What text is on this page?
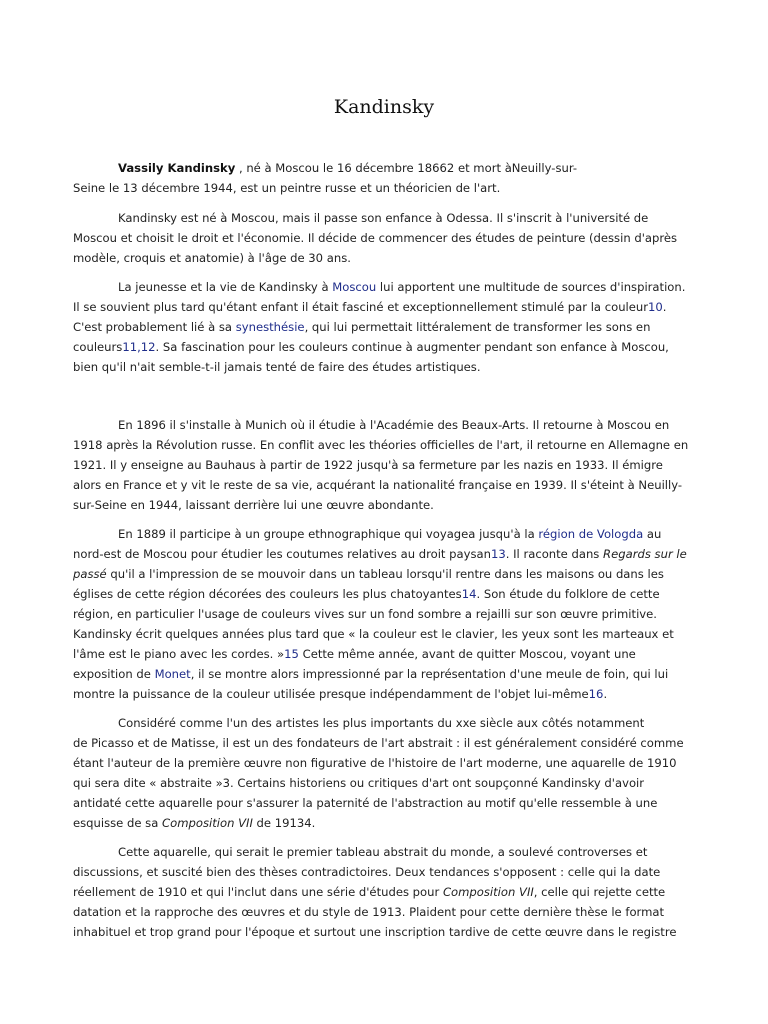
Kandinsky
Vassily Kandinsky , né à Moscou le 16 décembre 18662 et mort àNeuilly-sur-
Seine le 13 décembre 1944, est un peintre russe et un théoricien de l'art.
Kandinsky est né à Moscou, mais il passe son enfance à Odessa. Il s'inscrit à l'université de
Moscou et choisit le droit et l'économie. Il décide de commencer des études de peinture (dessin d'après
modèle, croquis et anatomie) à l'âge de 30 ans.
La jeunesse et la vie de Kandinsky à Moscou lui apportent une multitude de sources d'inspiration.
Il se souvient plus tard qu'étant enfant il était fasciné et exceptionnellement stimulé par la couleur10.
C'est probablement lié à sa synesthésie, qui lui permettait littéralement de transformer les sons en
couleurs11,12. Sa fascination pour les couleurs continue à augmenter pendant son enfance à Moscou,
bien qu'il n'ait semble-t-il jamais tenté de faire des études artistiques.
En 1896 il s'installe à Munich où il étudie à l'Académie des Beaux-Arts. Il retourne à Moscou en
1918 après la Révolution russe. En conflit avec les théories officielles de l'art, il retourne en Allemagne en
1921. Il y enseigne au Bauhaus à partir de 1922 jusqu'à sa fermeture par les nazis en 1933. Il émigre
alors en France et y vit le reste de sa vie, acquérant la nationalité française en 1939. Il s'éteint à Neuilly-
sur-Seine en 1944, laissant derrière lui une œuvre abondante.
En 1889 il participe à un groupe ethnographique qui voyagea jusqu'à la région de Vologda au
nord-est de Moscou pour étudier les coutumes relatives au droit paysan13. Il raconte dans Regards sur le
passé qu'il a l'impression de se mouvoir dans un tableau lorsqu'il rentre dans les maisons ou dans les
églises de cette région décorées des couleurs les plus chatoyantes14. Son étude du folklore de cette
région, en particulier l'usage de couleurs vives sur un fond sombre a rejailli sur son œuvre primitive.
Kandinsky écrit quelques années plus tard que « la couleur est le clavier, les yeux sont les marteaux et
l'âme est le piano avec les cordes. »15 Cette même année, avant de quitter Moscou, voyant une
exposition de Monet, il se montre alors impressionné par la représentation d'une meule de foin, qui lui
montre la puissance de la couleur utilisée presque indépendamment de l'objet lui-même16.
Considéré comme l'un des artistes les plus importants du xxe siècle aux côtés notamment
de Picasso et de Matisse, il est un des fondateurs de l'art abstrait : il est généralement considéré comme
étant l'auteur de la première œuvre non figurative de l'histoire de l'art moderne, une aquarelle de 1910
qui sera dite « abstraite »3. Certains historiens ou critiques d'art ont soupçonné Kandinsky d'avoir
antidaté cette aquarelle pour s'assurer la paternité de l'abstraction au motif qu'elle ressemble à une
esquisse de sa Composition VII de 19134.
Cette aquarelle, qui serait le premier tableau abstrait du monde, a soulevé controverses et
discussions, et suscité bien des thèses contradictoires. Deux tendances s'opposent : celle qui la date
réellement de 1910 et qui l'inclut dans une série d'études pour Composition VII, celle qui rejette cette
datation et la rapproche des œuvres et du style de 1913. Plaident pour cette dernière thèse le format
inhabituel et trop grand pour l'époque et surtout une inscription tardive de cette œuvre dans le registre
